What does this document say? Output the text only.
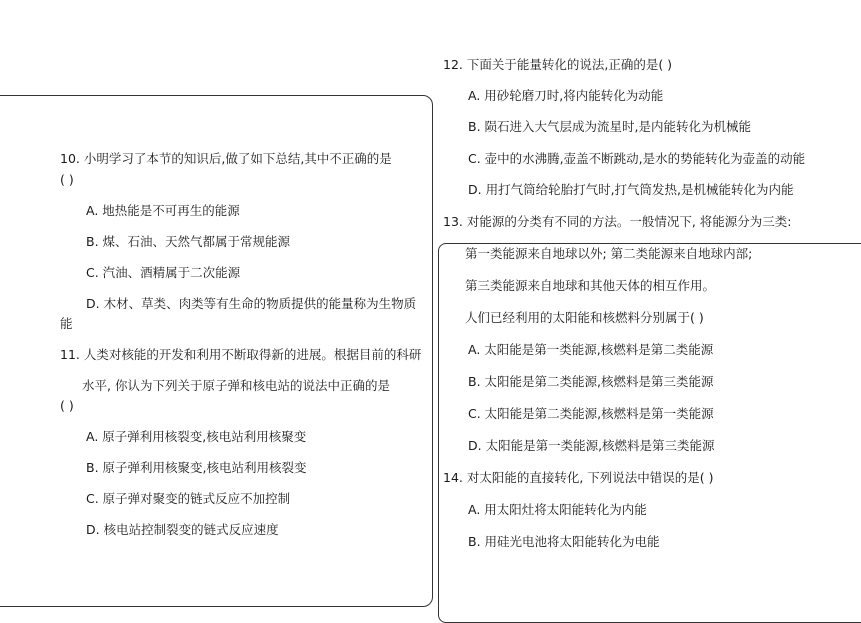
10. 小明学习了本节的知识后,做了如下总结,其中不正确的是
( )
A. 地热能是不可再生的能源
B. 煤、石油、天然气都属于常规能源
C. 汽油、酒精属于二次能源
D. 木材、草类、肉类等有生命的物质提供的能量称为生物质
能
11. 人类对核能的开发和利用不断取得新的进展。根据目前的科研
水平, 你认为下列关于原子弹和核电站的说法中正确的是
( )
A. 原子弹利用核裂变,核电站利用核聚变
B. 原子弹利用核聚变,核电站利用核裂变
C. 原子弹对聚变的链式反应不加控制
D. 核电站控制裂变的链式反应速度
12. 下面关于能量转化的说法,正确的是( )
A. 用砂轮磨刀时,将内能转化为动能
B. 陨石进入大气层成为流星时,是内能转化为机械能
C. 壶中的水沸腾,壶盖不断跳动,是水的势能转化为壶盖的动能
D. 用打气筒给轮胎打气时,打气筒发热,是机械能转化为内能
13. 对能源的分类有不同的方法。一般情况下, 将能源分为三类:
第一类能源来自地球以外; 第二类能源来自地球内部;
第三类能源来自地球和其他天体的相互作用。
人们已经利用的太阳能和核燃料分别属于( )
A. 太阳能是第一类能源,核燃料是第二类能源
B. 太阳能是第二类能源,核燃料是第三类能源
C. 太阳能是第二类能源,核燃料是第一类能源
D. 太阳能是第一类能源,核燃料是第三类能源
14. 对太阳能的直接转化, 下列说法中错误的是( )
A. 用太阳灶将太阳能转化为内能
B. 用硅光电池将太阳能转化为电能
